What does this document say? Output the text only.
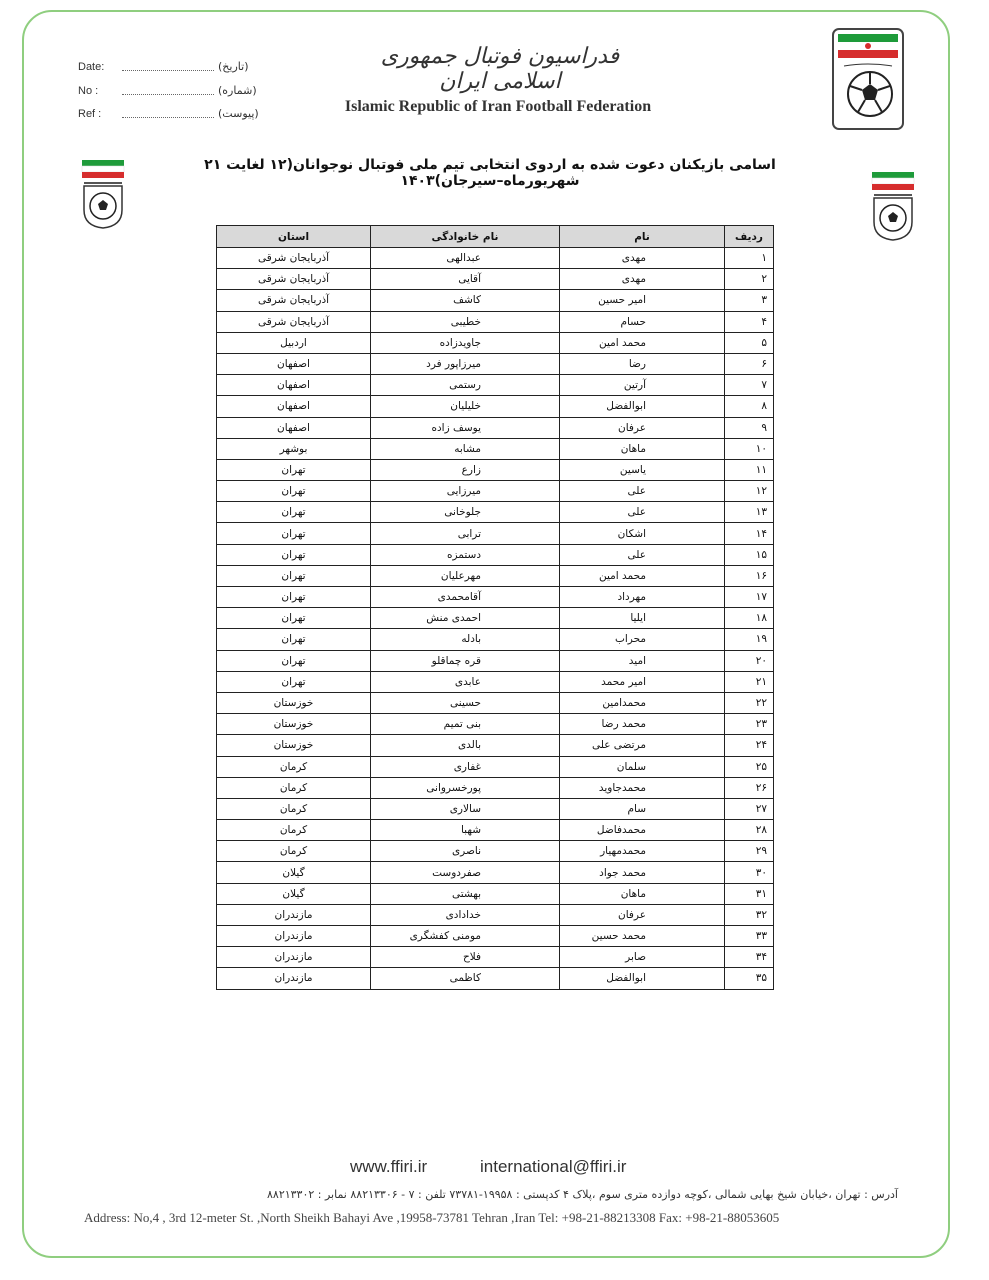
Date:	(تاریخ)
No :	(شماره)
Ref :	(پیوست)
فدراسیون فوتبال جمهوری اسلامی ایران
Islamic Republic of Iran Football Federation
اسامی بازیکنان دعوت شده به اردوی انتخابی تیم ملی فوتبال نوجوانان(۱۲ لغایت ۲۱ شهریورماه–سیرجان)۱۴۰۳
ردیف	نام	نام خانوادگی	استان
۱	مهدی	عبدالهی	آذربایجان شرقی
۲	مهدی	آقایی	آذربایجان شرقی
۳	امیر حسین	کاشف	آذربایجان شرقی
۴	حسام	خطیبی	آذربایجان شرقی
۵	محمد امین	جاویدزاده	اردبیل
۶	رضا	میرزاپور فرد	اصفهان
۷	آرتین	رستمی	اصفهان
۸	ابوالفضل	خلیلیان	اصفهان
۹	عرفان	یوسف زاده	اصفهان
۱۰	ماهان	مشابه	بوشهر
۱۱	یاسین	زارع	تهران
۱۲	علی	میرزایی	تهران
۱۳	علی	جلوخانی	تهران
۱۴	اشکان	ترابی	تهران
۱۵	علی	دستمزه	تهران
۱۶	محمد امین	مهرعلیان	تهران
۱۷	مهرداد	آقامحمدی	تهران
۱۸	ایلیا	احمدی منش	تهران
۱۹	محراب	بادله	تهران
۲۰	امید	قره چماقلو	تهران
۲۱	امیر محمد	عابدی	تهران
۲۲	محمدامین	حسینی	خوزستان
۲۳	محمد رضا	بنی تمیم	خوزستان
۲۴	مرتضی علی	بالدی	خوزستان
۲۵	سلمان	غفاری	کرمان
۲۶	محمدجاوید	پورخسروانی	کرمان
۲۷	سام	سالاری	کرمان
۲۸	محمدفاضل	شهبا	کرمان
۲۹	محمدمهیار	ناصری	کرمان
۳۰	محمد جواد	صفردوست	گیلان
۳۱	ماهان	بهشتی	گیلان
۳۲	عرفان	خدادادی	مازندران
۳۳	محمد حسین	مومنی کفشگری	مازندران
۳۴	صابر	فلاح	مازندران
۳۵	ابوالفضل	کاظمی	مازندران
www.ffiri.ir	international@ffiri.ir
آدرس : تهران ،خیابان شیخ بهایی شمالی ،کوچه دوازده متری سوم ،پلاک ۴ کدپستی : ۱۹۹۵۸-۷۳۷۸۱ تلفن : ۷ - ۸۸۲۱۳۳۰۶ نمابر : ۸۸۲۱۳۳۰۲
Address: No,4 , 3rd 12-meter St. ,North Sheikh Bahayi Ave ,19958-73781 Tehran ,Iran Tel: +98-21-88213308 Fax: +98-21-88053605
